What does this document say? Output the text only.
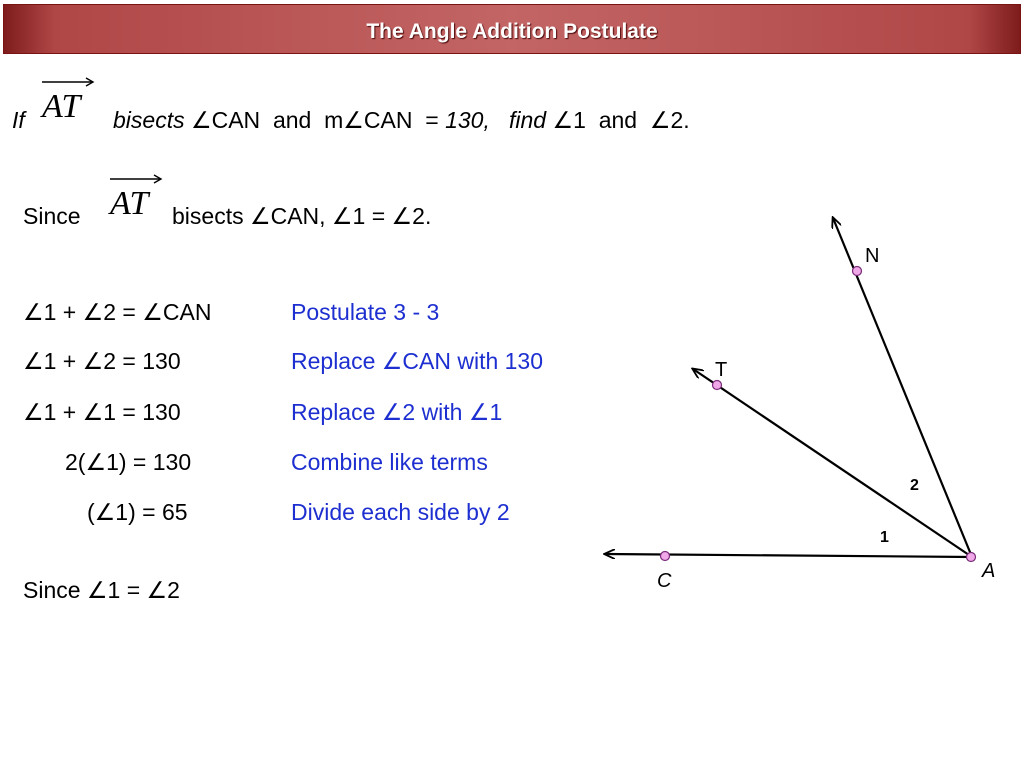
The Angle Addition Postulate
If AT bisects ∠CAN and m∠CAN = 130, find ∠1 and ∠2.
Since AT bisects ∠CAN, ∠1 = ∠2.
∠1 + ∠2 = ∠CAN	Postulate 3 - 3
∠1 + ∠2 = 130	Replace ∠CAN with 130
∠1 + ∠1 = 130	Replace ∠2 with ∠1
2(∠1) = 130	Combine like terms
(∠1) = 65	Divide each side by 2
Since ∠1 = ∠2
N
T
C	A
2
1
